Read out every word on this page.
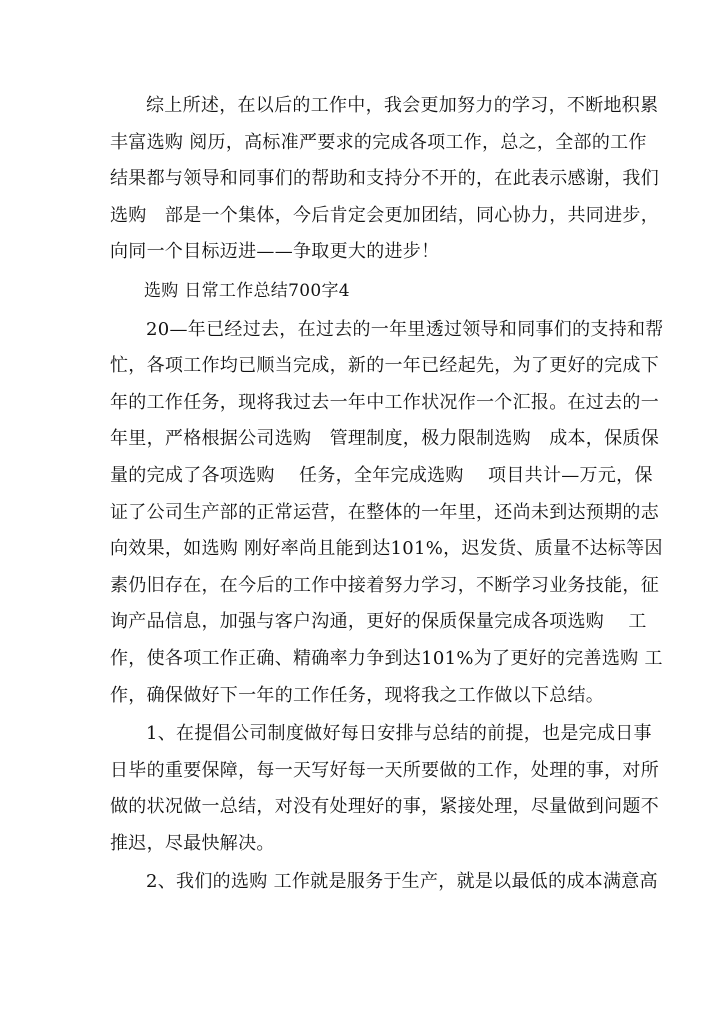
综上所述，在以后的工作中，我会更加努力的学习，不断地积累
丰富选购 阅历，高标准严要求的完成各项工作，总之，全部的工作
结果都与领导和同事们的帮助和支持分不开的，在此表示感谢，我们
选购　部是一个集体，今后肯定会更加团结，同心协力，共同进步，
向同一个目标迈进——争取更大的进步！
选购 日常工作总结700字4
20—年已经过去，在过去的一年里透过领导和同事们的支持和帮
忙，各项工作均已顺当完成，新的一年已经起先，为了更好的完成下
年的工作任务，现将我过去一年中工作状况作一个汇报。在过去的一
年里，严格根据公司选购　管理制度，极力限制选购　成本，保质保
量的完成了各项选购　 任务，全年完成选购　 项目共计—万元，保
证了公司生产部的正常运营，在整体的一年里，还尚未到达预期的志
向效果，如选购 刚好率尚且能到达101%，迟发货、质量不达标等因
素仍旧存在，在今后的工作中接着努力学习，不断学习业务技能，征
询产品信息，加强与客户沟通，更好的保质保量完成各项选购　 工
作，使各项工作正确、精确率力争到达101%为了更好的完善选购 工
作，确保做好下一年的工作任务，现将我之工作做以下总结。
1、在提倡公司制度做好每日安排与总结的前提，也是完成日事
日毕的重要保障，每一天写好每一天所要做的工作，处理的事，对所
做的状况做一总结，对没有处理好的事，紧接处理，尽量做到问题不
推迟，尽最快解决。
2、我们的选购 工作就是服务于生产，就是以最低的成本满意高
